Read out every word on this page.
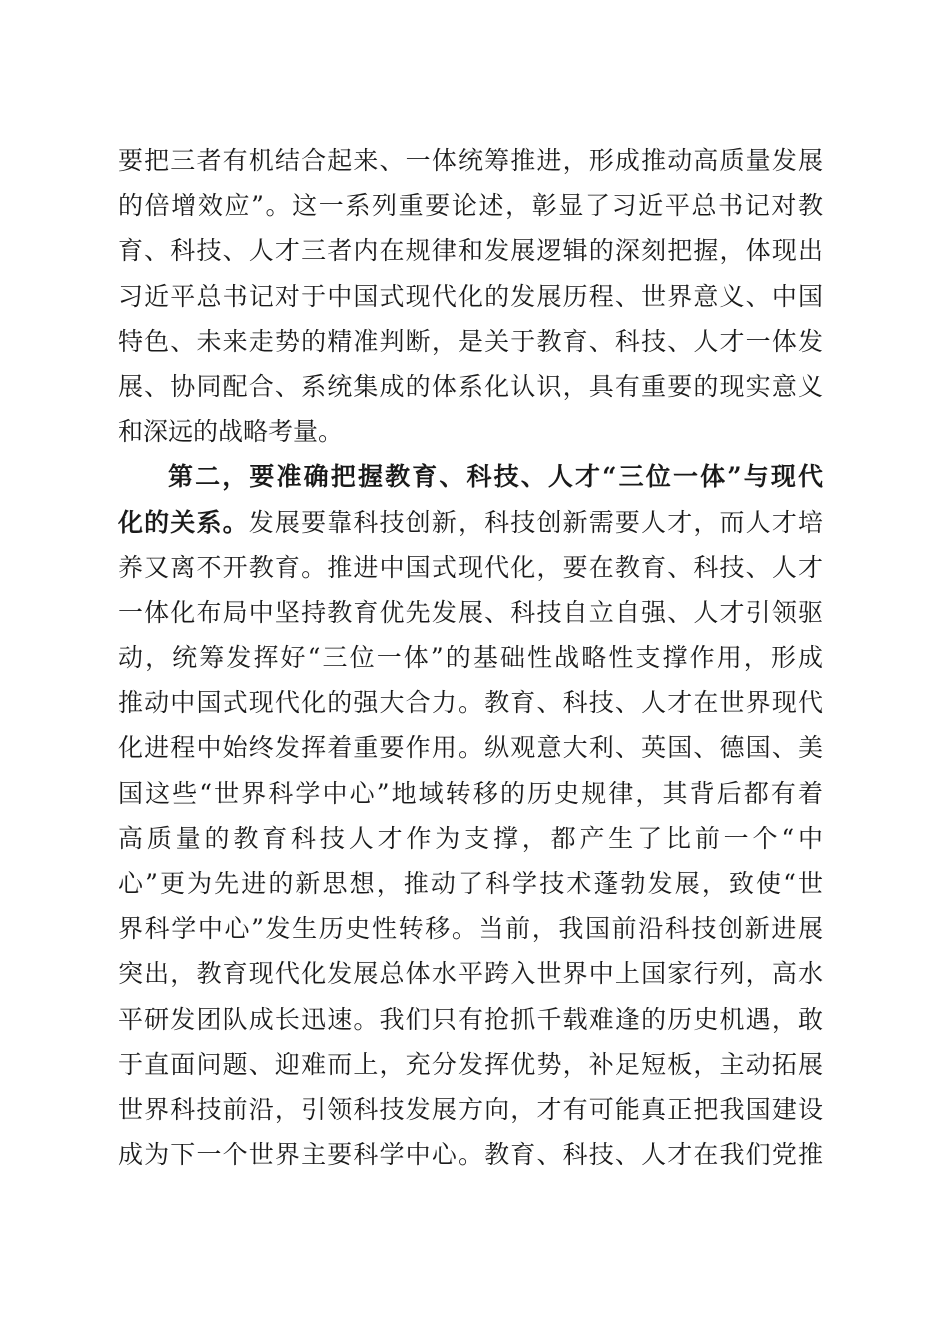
要把三者有机结合起来、一体统筹推进，形成推动高质量发展
的倍增效应”。这一系列重要论述，彰显了习近平总书记对教
育、科技、人才三者内在规律和发展逻辑的深刻把握，体现出
习近平总书记对于中国式现代化的发展历程、世界意义、中国
特色、未来走势的精准判断，是关于教育、科技、人才一体发
展、协同配合、系统集成的体系化认识，具有重要的现实意义
和深远的战略考量。
第二，要准确把握教育、科技、人才“三位一体”与现代
化的关系。发展要靠科技创新，科技创新需要人才，而人才培
养又离不开教育。推进中国式现代化，要在教育、科技、人才
一体化布局中坚持教育优先发展、科技自立自强、人才引领驱
动，统筹发挥好“三位一体”的基础性战略性支撑作用，形成
推动中国式现代化的强大合力。教育、科技、人才在世界现代
化进程中始终发挥着重要作用。纵观意大利、英国、德国、美
国这些“世界科学中心”地域转移的历史规律，其背后都有着
高质量的教育科技人才作为支撑，都产生了比前一个“中
心”更为先进的新思想，推动了科学技术蓬勃发展，致使“世
界科学中心”发生历史性转移。当前，我国前沿科技创新进展
突出，教育现代化发展总体水平跨入世界中上国家行列，高水
平研发团队成长迅速。我们只有抢抓千载难逢的历史机遇，敢
于直面问题、迎难而上，充分发挥优势，补足短板，主动拓展
世界科技前沿，引领科技发展方向，才有可能真正把我国建设
成为下一个世界主要科学中心。教育、科技、人才在我们党推
